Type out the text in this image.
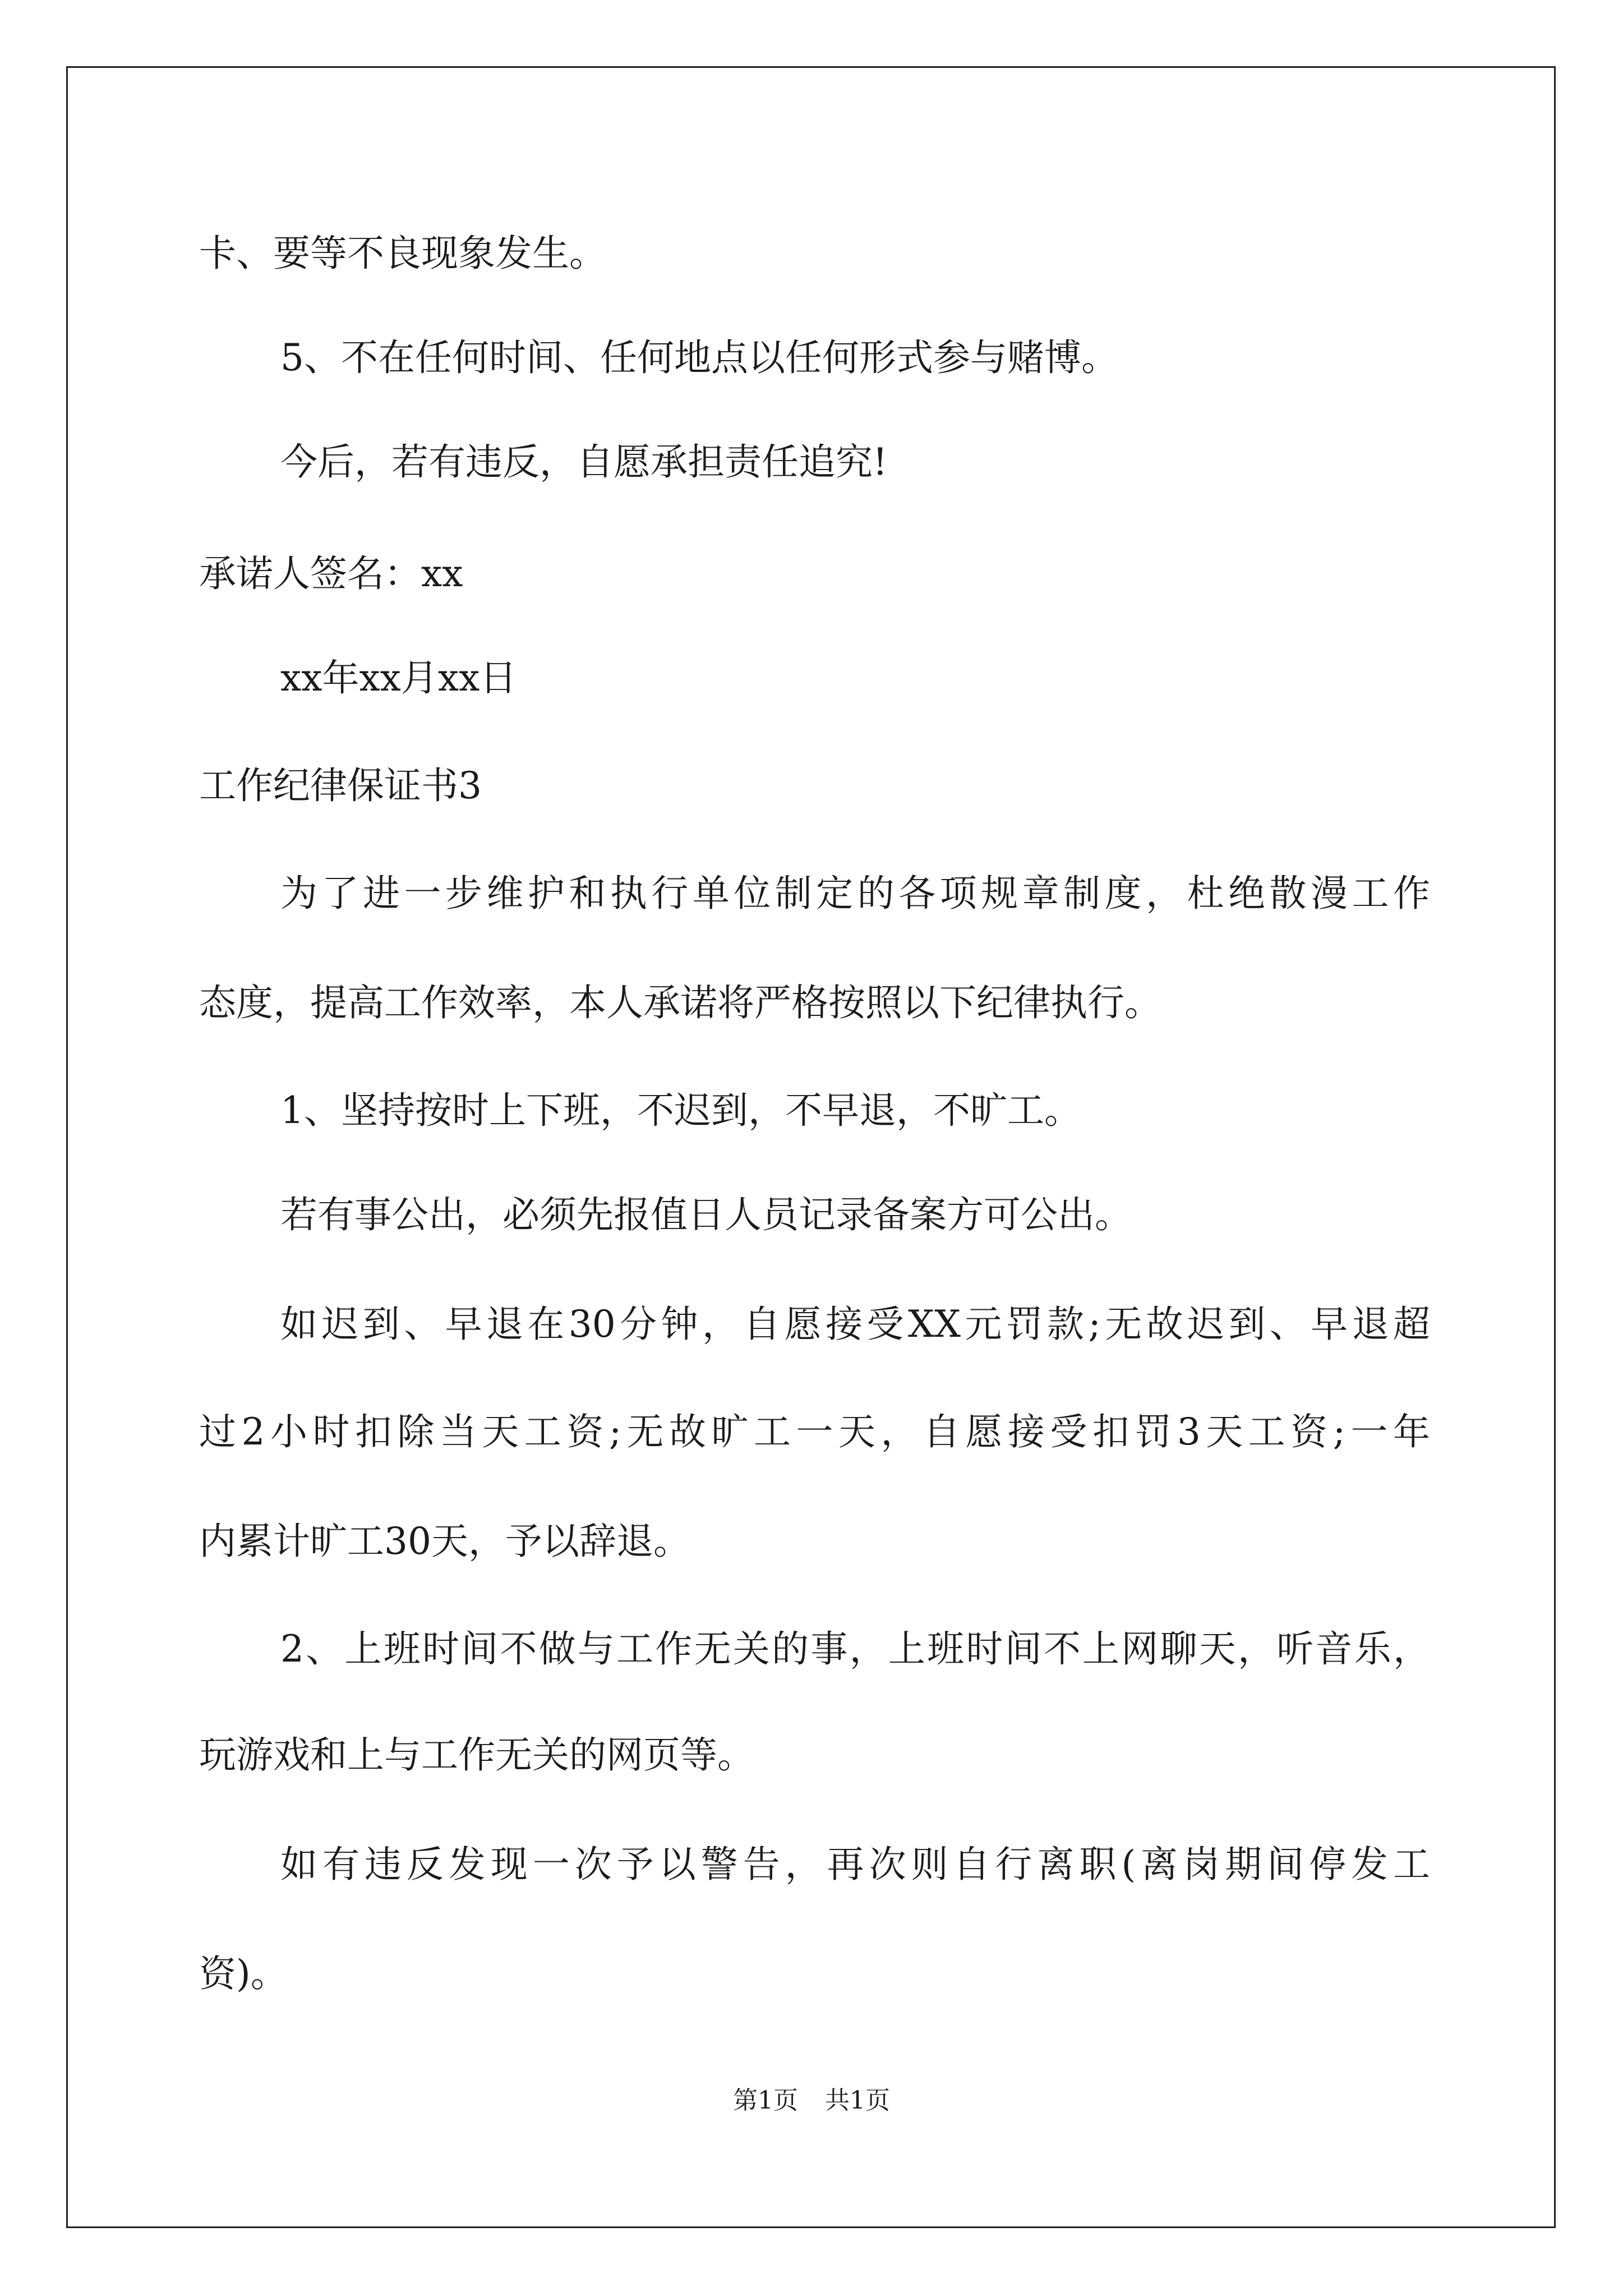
卡、要等不良现象发生。
5、不在任何时间、任何地点以任何形式参与赌博。
今后，若有违反，自愿承担责任追究!
承诺人签名：xx
xx年xx月xx日
工作纪律保证书3
为了进一步维护和执行单位制定的各项规章制度，杜绝散漫工作
态度，提高工作效率，本人承诺将严格按照以下纪律执行。
1、坚持按时上下班，不迟到，不早退，不旷工。
若有事公出，必须先报值日人员记录备案方可公出。
如迟到、早退在30分钟，自愿接受XX元罚款;无故迟到、早退超
过2小时扣除当天工资;无故旷工一天，自愿接受扣罚3天工资;一年
内累计旷工30天，予以辞退。
2、上班时间不做与工作无关的事，上班时间不上网聊天，听音乐，
玩游戏和上与工作无关的网页等。
如有违反发现一次予以警告，再次则自行离职(离岗期间停发工
资)。
第1页 共1页
